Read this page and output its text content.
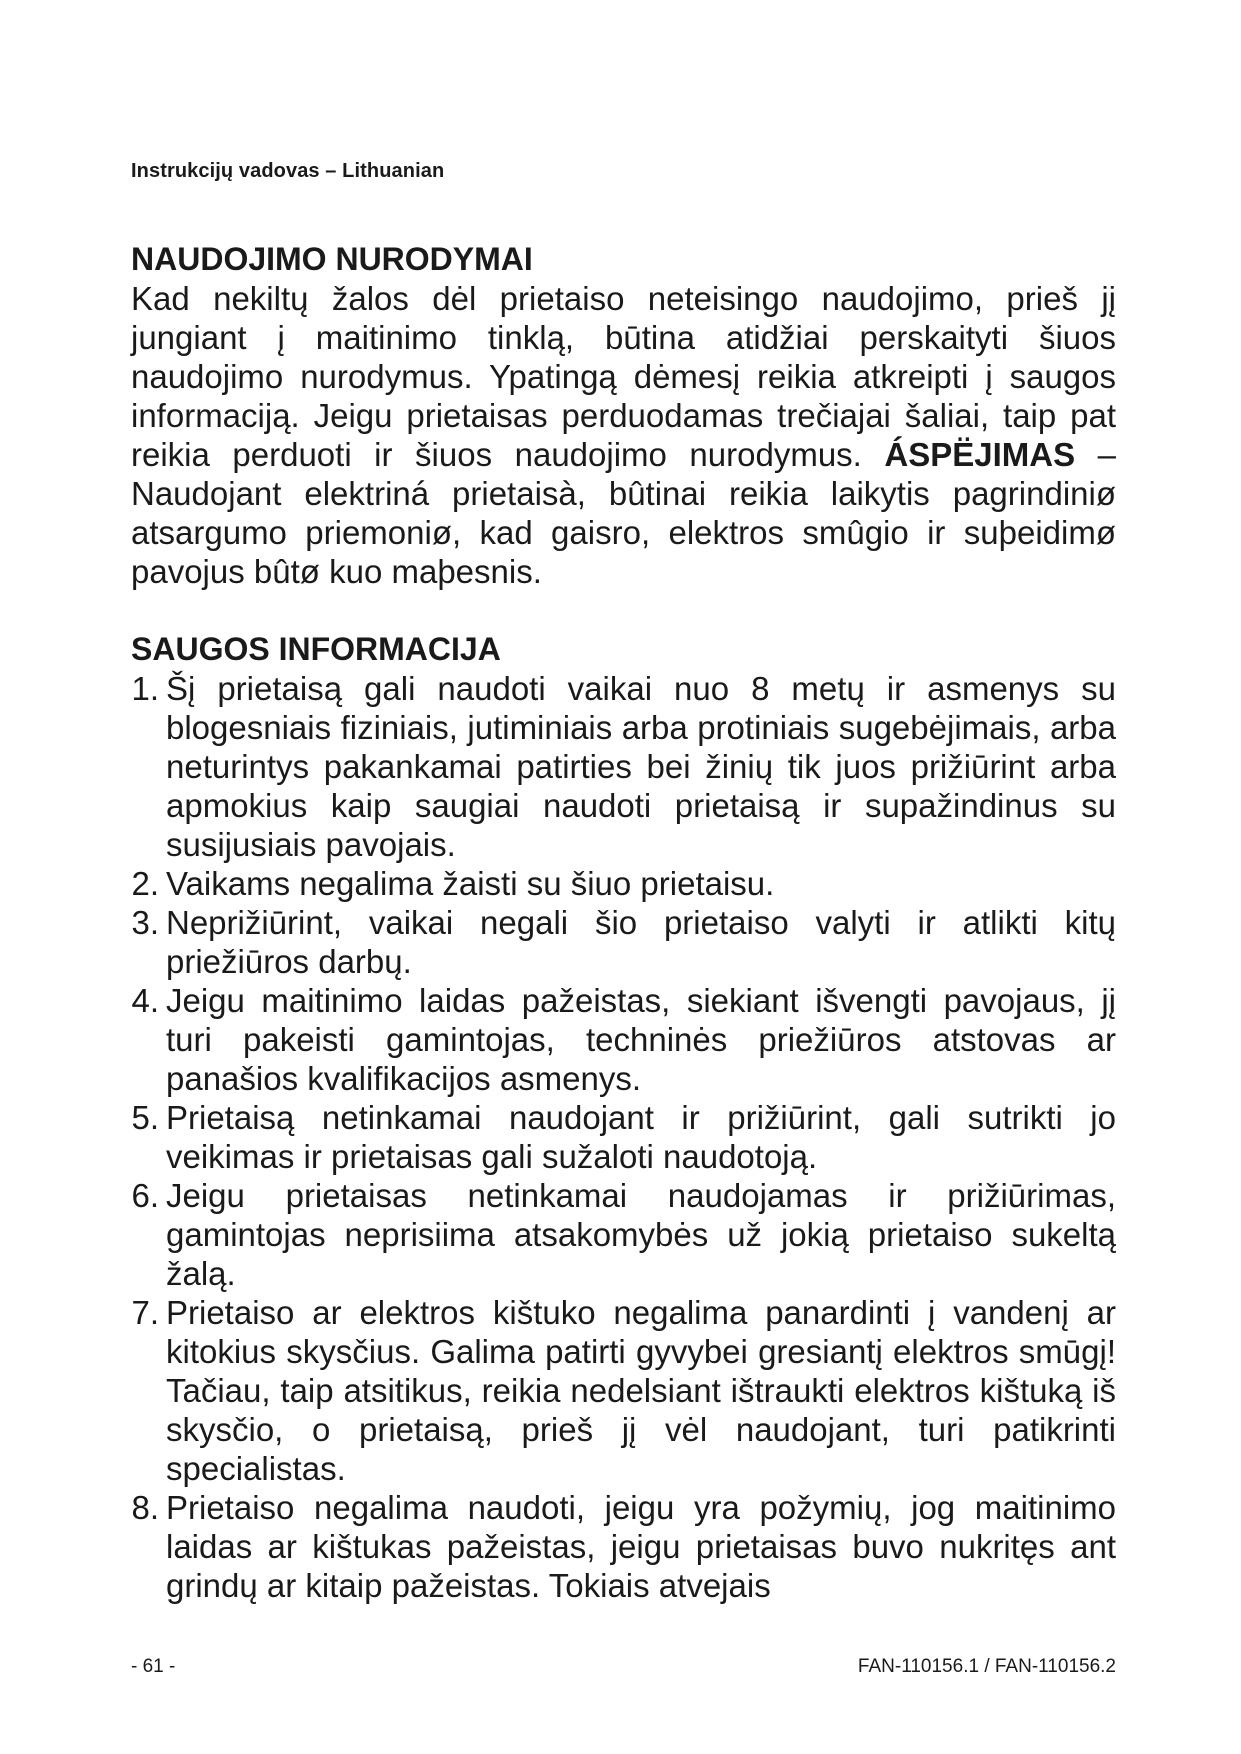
Instrukcijų vadovas – Lithuanian
NAUDOJIMO NURODYMAI

Kad nekiltų žalos dėl prietaiso neteisingo naudojimo, prieš jį jungiant į maitinimo tinklą, būtina atidžiai perskaityti šiuos naudojimo nurodymus. Ypatingą dėmesį reikia atkreipti į saugos informaciją. Jeigu prietaisas perduodamas trečiajai šaliai, taip pat reikia perduoti ir šiuos naudojimo nurodymus. ÁSPËJIMAS – Naudojant elektriná prietaisà, bûtinai reikia laikytis pagrindiniø atsargumo priemoniø, kad gaisro, elektros smûgio ir suþeidimø pavojus bûtø kuo maþesnis.

SAUGOS INFORMACIJA
1. Šį prietaisą gali naudoti vaikai nuo 8 metų ir asmenys su blogesniais fiziniais, jutiminiais arba protiniais sugebėjimais, arba neturintys pakankamai patirties bei žinių tik juos prižiūrint arba apmokius kaip saugiai naudoti prietaisą ir supažindinus su susijusiais pavojais.
2. Vaikams negalima žaisti su šiuo prietaisu.
3. Neprižiūrint, vaikai negali šio prietaiso valyti ir atlikti kitų priežiūros darbų.
4. Jeigu maitinimo laidas pažeistas, siekiant išvengti pavojaus, jį turi pakeisti gamintojas, techninės priežiūros atstovas ar panašios kvalifikacijos asmenys.
5. Prietaisą netinkamai naudojant ir prižiūrint, gali sutrikti jo veikimas ir prietaisas gali sužaloti naudotoją.
6. Jeigu prietaisas netinkamai naudojamas ir prižiūrimas, gamintojas neprisiima atsakomybės už jokią prietaiso sukeltą žalą.
7. Prietaiso ar elektros kištuko negalima panardinti į vandenį ar kitokius skysčius. Galima patirti gyvybei gresiantį elektros smūgį! Tačiau, taip atsitikus, reikia nedelsiant ištraukti elektros kištuką iš skysčio, o prietaisą, prieš jį vėl naudojant, turi patikrinti specialistas.
8. Prietaiso negalima naudoti, jeigu yra požymių, jog maitinimo laidas ar kištukas pažeistas, jeigu prietaisas buvo nukritęs ant grindų ar kitaip pažeistas. Tokiais atvejais
- 61 -	FAN-110156.1 / FAN-110156.2
